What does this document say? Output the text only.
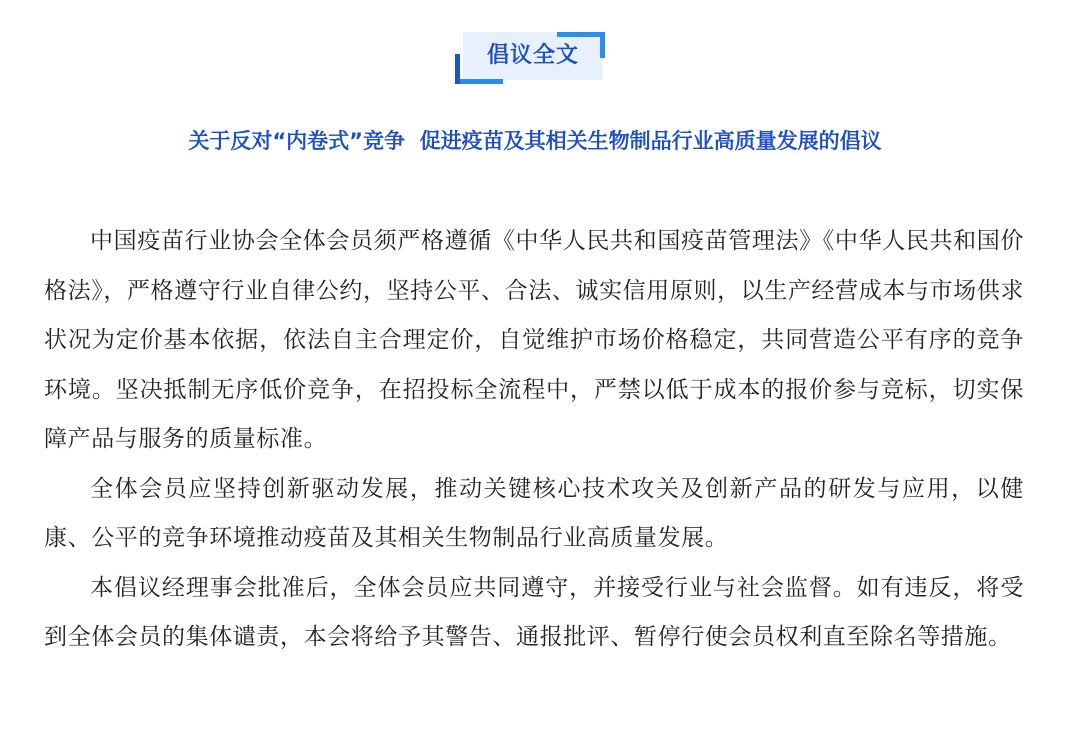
倡议全文
关于反对“内卷式”竞争  促进疫苗及其相关生物制品行业高质量发展的倡议

中国疫苗行业协会全体会员须严格遵循《中华人民共和国疫苗管理法》《中华人民共和国价格法》，严格遵守行业自律公约，坚持公平、合法、诚实信用原则，以生产经营成本与市场供求状况为定价基本依据，依法自主合理定价，自觉维护市场价格稳定，共同营造公平有序的竞争环境。坚决抵制无序低价竞争，在招投标全流程中，严禁以低于成本的报价参与竞标，切实保障产品与服务的质量标准。

全体会员应坚持创新驱动发展，推动关键核心技术攻关及创新产品的研发与应用，以健康、公平的竞争环境推动疫苗及其相关生物制品行业高质量发展。

本倡议经理事会批准后，全体会员应共同遵守，并接受行业与社会监督。如有违反，将受到全体会员的集体谴责，本会将给予其警告、通报批评、暂停行使会员权利直至除名等措施。
